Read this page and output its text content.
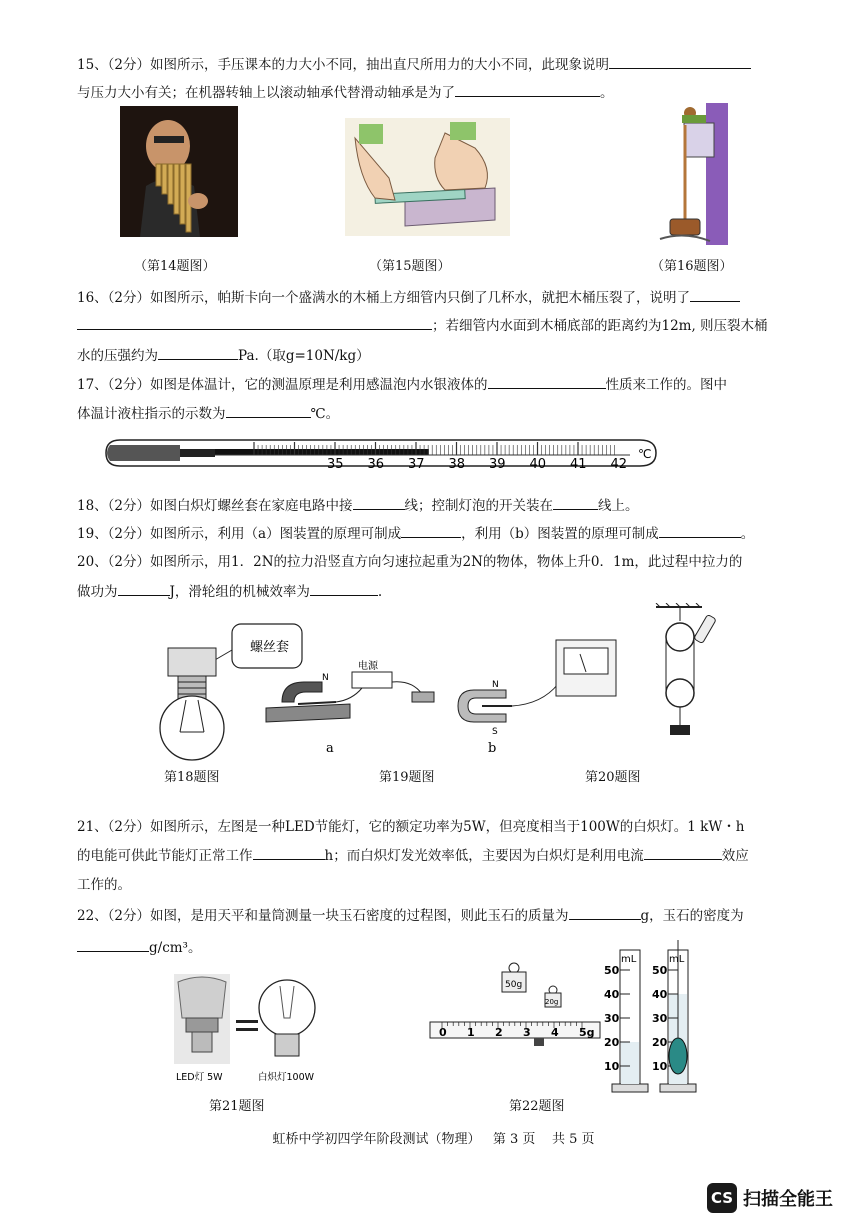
15、（2分）如图所示，手压课本的力大小不同，抽出直尺所用力的大小不同，此现象说明
与压力大小有关；在机器转轴上以滚动轴承代替滑动轴承是为了	。
（第14题图）	（第15题图）	（第16题图）
16、（2分）如图所示，帕斯卡向一个盛满水的木桶上方细管内只倒了几杯水，就把木桶压裂了，说明了
；若细管内水面到木桶底部的距离约为12m, 则压裂木桶
水的压强约为	Pa.（取g=10N/kg）
17、（2分）如图是体温计，它的测温原理是利用感温泡内水银液体的	性质来工作的。图中
体温计液柱指示的示数为	℃。
35 36 37 38 39 40 41 42
℃
18、（2分）如图白炽灯螺丝套在家庭电路中接	线；控制灯泡的开关装在	线上。
19、（2分）如图所示，利用（a）图装置的原理可制成	，利用（b）图装置的原理可制成	。
20、（2分）如图所示，用1．2N的拉力沿竖直方向匀速拉起重为2N的物体，物体上升0．1m，此过程中拉力的
做功为	J，滑轮组的机械效率为	.
螺丝套
N
电源
a
N
S
b
第18题图	第19题图	第20题图
21、（2分）如图所示，左图是一种LED节能灯，它的额定功率为5W，但亮度相当于100W的白炽灯。1 kW・h
的电能可供此节能灯正常工作	h；而白炽灯发光效率低，主要因为白炽灯是利用电流	效应
工作的。
22、（2分）如图，是用天平和量筒测量一块玉石密度的过程图，则此玉石的质量为	g，玉石的密度为
g/cm³。
LED灯 5W	白炽灯100W
50g
20g
0 1 2 3 4 5g
mL
50
40
30
20
10
mL
50
40
30
20
10
第21题图	第22题图
虹桥中学初四学年阶段测试（物理） 第 3 页 共 5 页
CS 扫描全能王
